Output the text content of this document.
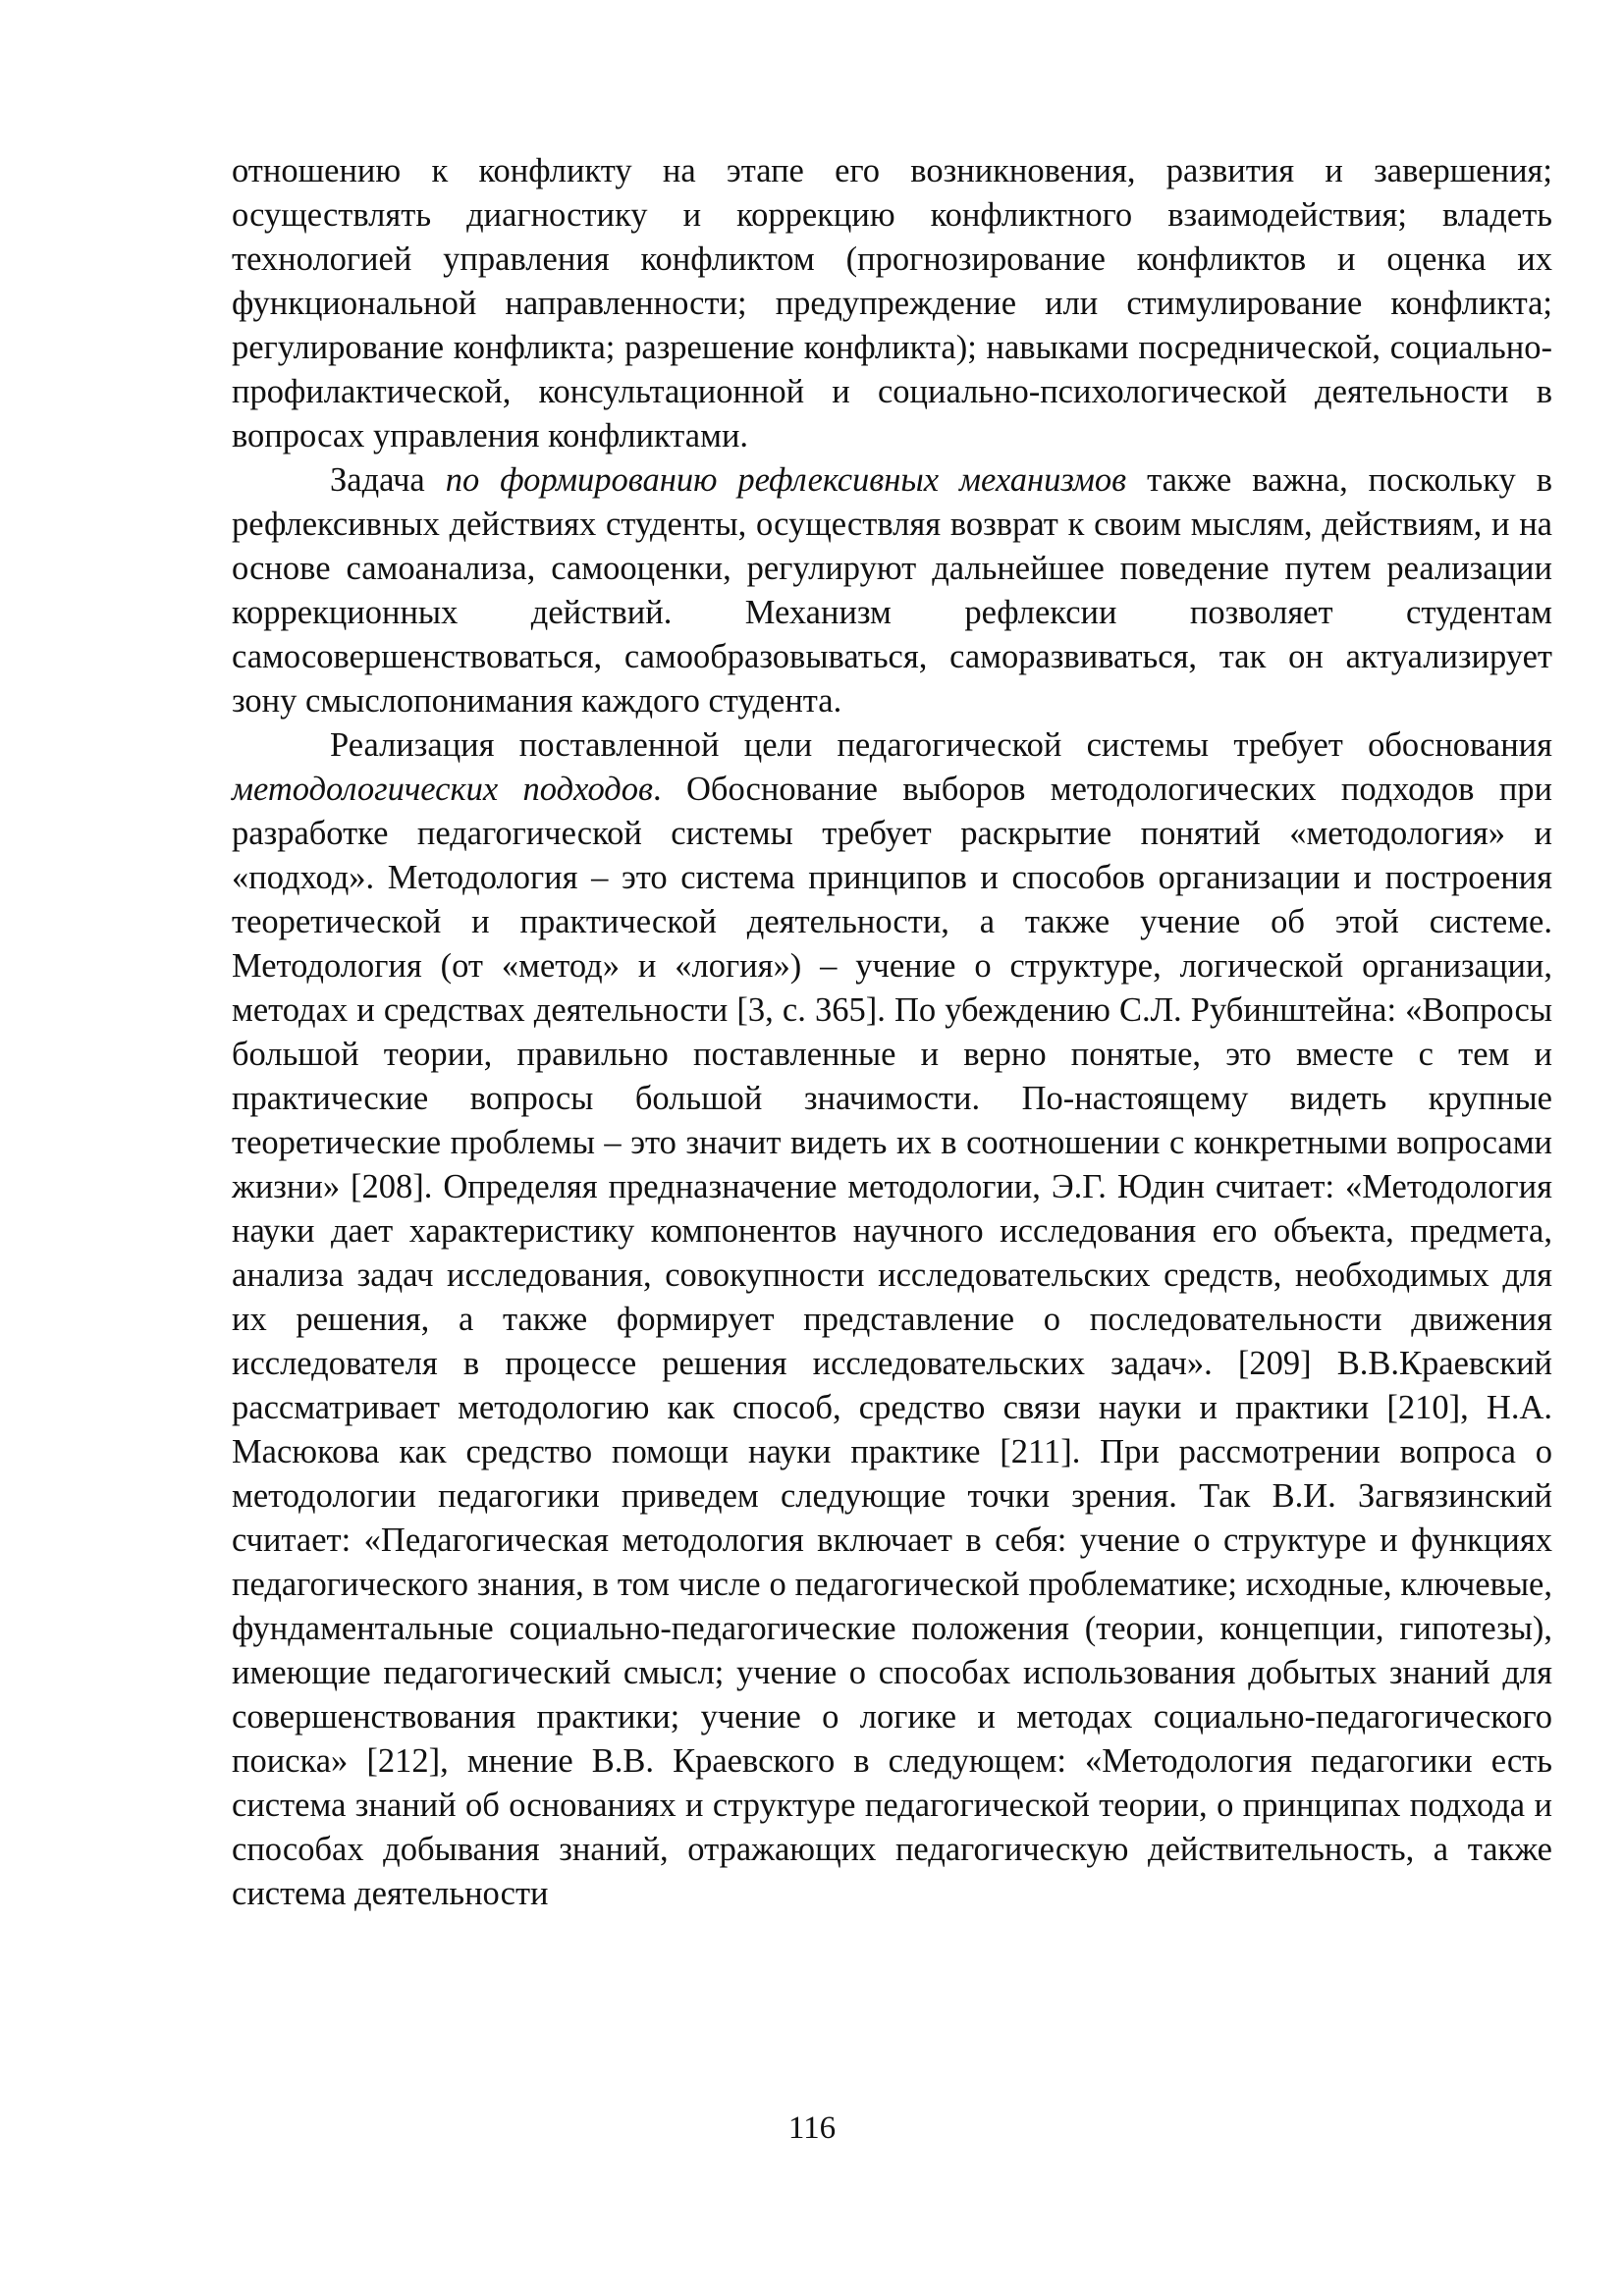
отношению к конфликту на этапе его возникновения, развития и завершения; осуществлять диагностику и коррекцию конфликтного взаимодействия; владеть технологией управления конфликтом (прогнозирование конфликтов и оценка их функциональной направленности; предупреждение или стимулирование конфликта; регулирование конфликта; разрешение конфликта); навыками посреднической, социально-профилактической, консультационной и социально-психологической деятельности в вопросах управления конфликтами.

Задача по формированию рефлексивных механизмов также важна, поскольку в рефлексивных действиях студенты, осуществляя возврат к своим мыслям, действиям, и на основе самоанализа, самооценки, регулируют дальнейшее поведение путем реализации коррекционных действий. Механизм рефлексии позволяет студентам самосовершенствоваться, самообразовываться, саморазвиваться, так он актуализирует зону смыслопонимания каждого студента.

Реализация поставленной цели педагогической системы требует обоснования методологических подходов. Обоснование выборов методологических подходов при разработке педагогической системы требует раскрытие понятий «методология» и «подход». Методология – это система принципов и способов организации и построения теоретической и практической деятельности, а также учение об этой системе. Методология (от «метод» и «логия») – учение о структуре, логической организации, методах и средствах деятельности [3, с. 365]. По убеждению С.Л. Рубинштейна: «Вопросы большой теории, правильно поставленные и верно понятые, это вместе с тем и практические вопросы большой значимости. По-настоящему видеть крупные теоретические проблемы – это значит видеть их в соотношении с конкретными вопросами жизни» [208]. Определяя предназначение методологии, Э.Г. Юдин считает: «Методология науки дает характеристику компонентов научного исследования его объекта, предмета, анализа задач исследования, совокупности исследовательских средств, необходимых для их решения, а также формирует представление о последовательности движения исследователя в процессе решения исследовательских задач». [209] В.В.Краевский рассматривает методологию как способ, средство связи науки и практики [210], Н.А. Масюкова как средство помощи науки практике [211]. При рассмотрении вопроса о методологии педагогики приведем следующие точки зрения. Так В.И. Загвязинский считает: «Педагогическая методология включает в себя: учение о структуре и функциях педагогического знания, в том числе о педагогической проблематике; исходные, ключевые, фундаментальные социально-педагогические положения (теории, концепции, гипотезы), имеющие педагогический смысл; учение о способах использования добытых знаний для совершенствования практики; учение о логике и методах социально-педагогического поиска» [212], мнение В.В. Краевского в следующем: «Методология педагогики есть система знаний об основаниях и структуре педагогической теории, о принципах подхода и способах добывания знаний, отражающих педагогическую действительность, а также система деятельности

116
